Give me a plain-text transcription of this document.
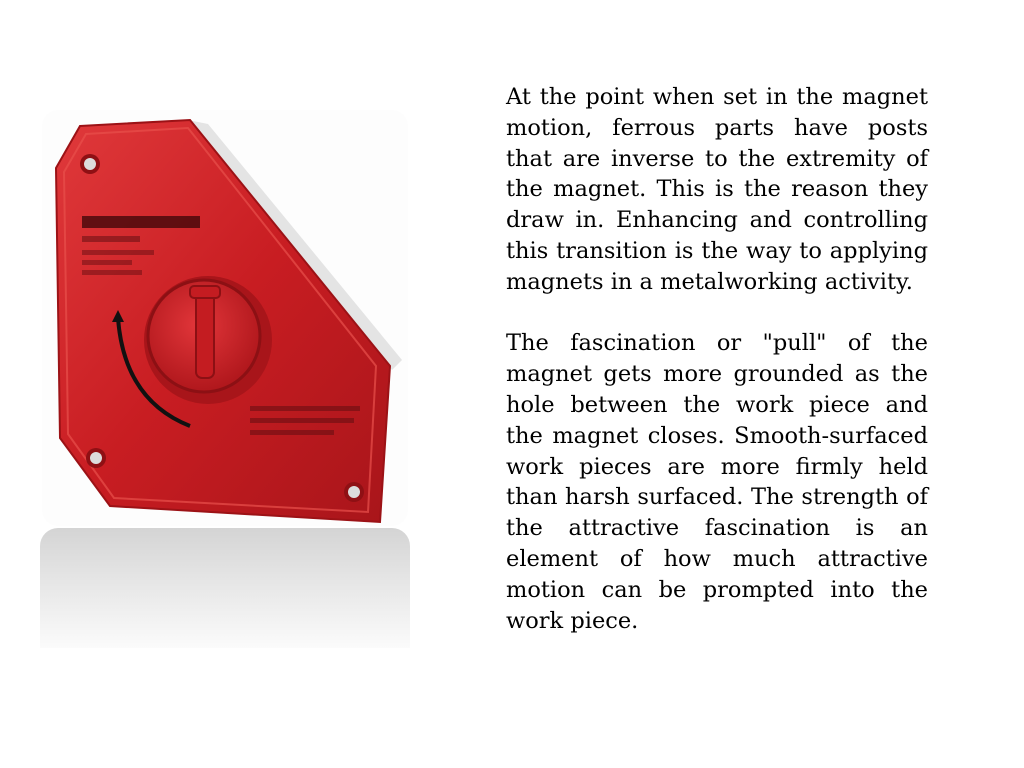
At the point when set in the magnet motion, ferrous parts have posts that are inverse to the extremity of the magnet. This is the reason they draw in. Enhancing and controlling this transition is the way to applying magnets in a metalworking activity.

The fascination or "pull" of the magnet gets more grounded as the hole between the work piece and the magnet closes. Smooth-surfaced work pieces are more firmly held than harsh surfaced. The strength of the attractive fascination is an element of how much attractive motion can be prompted into the work piece.
